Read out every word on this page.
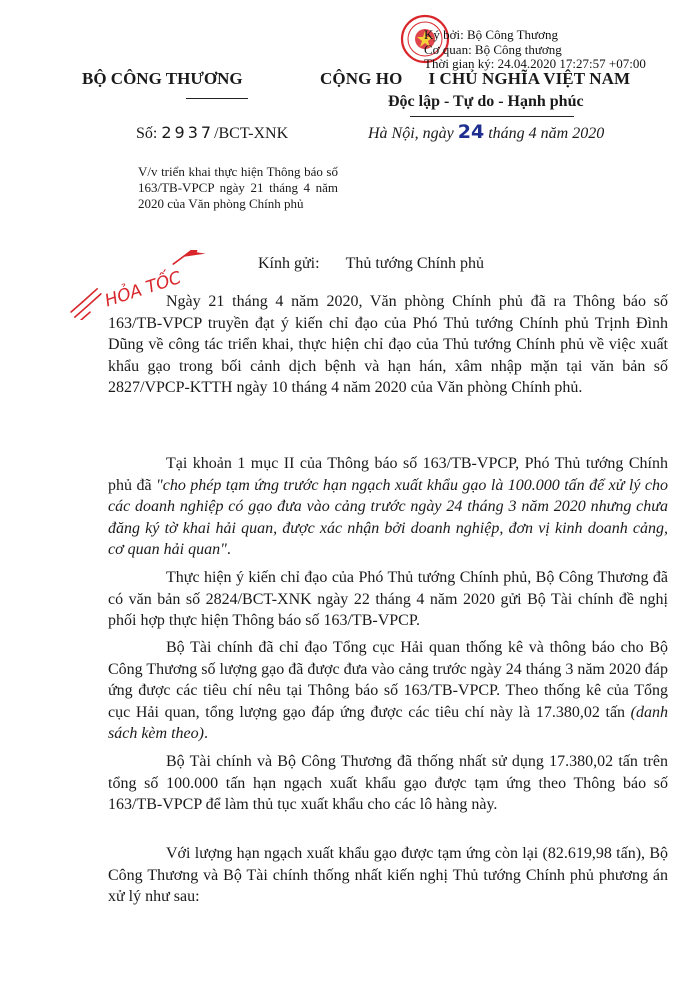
Ký bởi: Bộ Công Thương
Cơ quan: Bộ Công thương
Thời gian ký: 24.04.2020 17:27:57 +07:00
BỘ CÔNG THƯƠNG	CỘNG HO      I CHỦ NGHĨA VIỆT NAM
Độc lập - Tự do - Hạnh phúc
Số: 2937/BCT-XNK	Hà Nội, ngày 24 tháng 4 năm 2020
V/v triển khai thực hiện Thông báo số 163/TB-VPCP ngày 21 tháng 4 năm 2020 của Văn phòng Chính phủ
HỎA TỐC
Kính gửi: Thủ tướng Chính phủ
Ngày 21 tháng 4 năm 2020, Văn phòng Chính phủ đã ra Thông báo số 163/TB-VPCP truyền đạt ý kiến chỉ đạo của Phó Thủ tướng Chính phủ Trịnh Đình Dũng về công tác triển khai, thực hiện chỉ đạo của Thủ tướng Chính phủ về việc xuất khẩu gạo trong bối cảnh dịch bệnh và hạn hán, xâm nhập mặn tại văn bản số 2827/VPCP-KTTH ngày 10 tháng 4 năm 2020 của Văn phòng Chính phủ.
Tại khoản 1 mục II của Thông báo số 163/TB-VPCP, Phó Thủ tướng Chính phủ đã "cho phép tạm ứng trước hạn ngạch xuất khẩu gạo là 100.000 tấn để xử lý cho các doanh nghiệp có gạo đưa vào cảng trước ngày 24 tháng 3 năm 2020 nhưng chưa đăng ký tờ khai hải quan, được xác nhận bởi doanh nghiệp, đơn vị kinh doanh cảng, cơ quan hải quan".
Thực hiện ý kiến chỉ đạo của Phó Thủ tướng Chính phủ, Bộ Công Thương đã có văn bản số 2824/BCT-XNK ngày 22 tháng 4 năm 2020 gửi Bộ Tài chính đề nghị phối hợp thực hiện Thông báo số 163/TB-VPCP.
Bộ Tài chính đã chỉ đạo Tổng cục Hải quan thống kê và thông báo cho Bộ Công Thương số lượng gạo đã được đưa vào cảng trước ngày 24 tháng 3 năm 2020 đáp ứng được các tiêu chí nêu tại Thông báo số 163/TB-VPCP. Theo thống kê của Tổng cục Hải quan, tổng lượng gạo đáp ứng được các tiêu chí này là 17.380,02 tấn (danh sách kèm theo).
Bộ Tài chính và Bộ Công Thương đã thống nhất sử dụng 17.380,02 tấn trên tổng số 100.000 tấn hạn ngạch xuất khẩu gạo được tạm ứng theo Thông báo số 163/TB-VPCP để làm thủ tục xuất khẩu cho các lô hàng này.
Với lượng hạn ngạch xuất khẩu gạo được tạm ứng còn lại (82.619,98 tấn), Bộ Công Thương và Bộ Tài chính thống nhất kiến nghị Thủ tướng Chính phủ phương án xử lý như sau:
